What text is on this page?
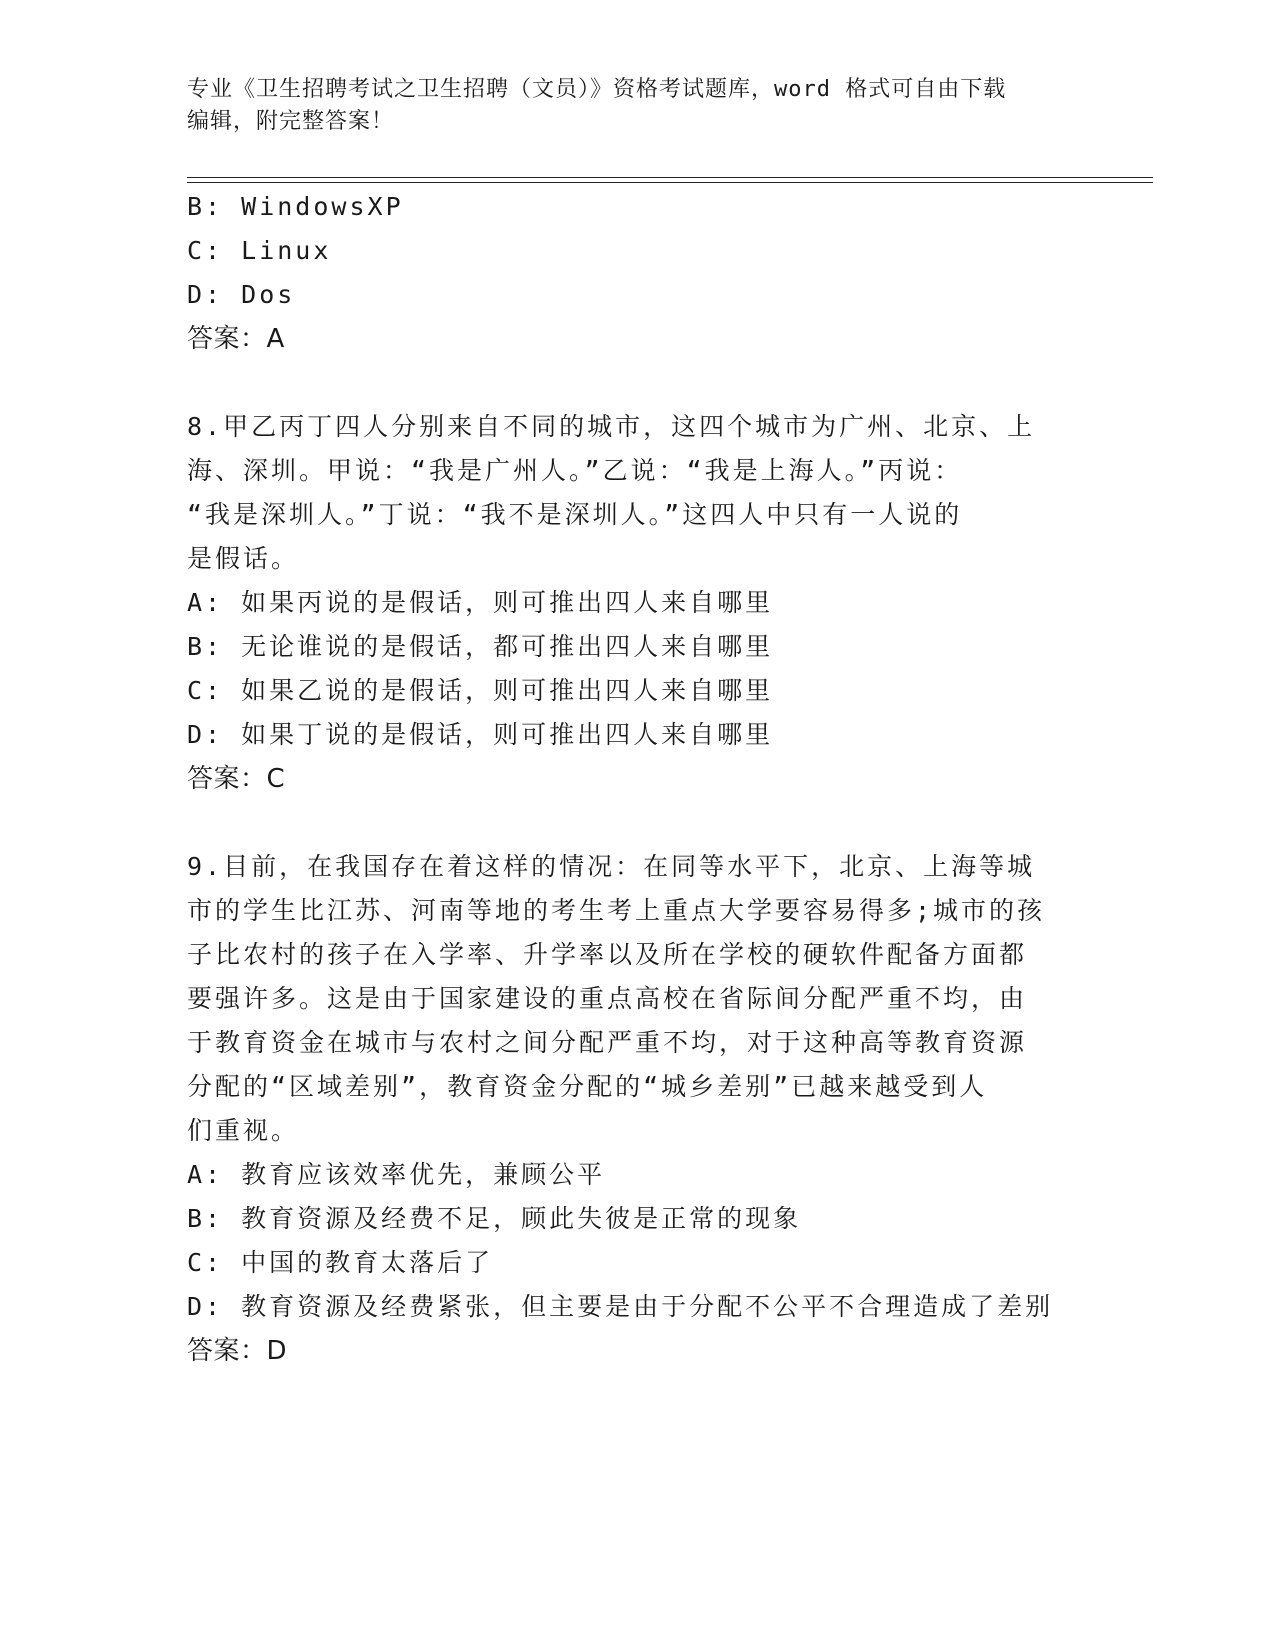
专业《卫生招聘考试之卫生招聘（文员）》资格考试题库，word 格式可自由下载
编辑，附完整答案！
B: WindowsXP
C: Linux
D: Dos
答案：A
8.甲乙丙丁四人分别来自不同的城市，这四个城市为广州、北京、上
海、深圳。甲说：“我是广州人。”乙说：“我是上海人。”丙说：
“我是深圳人。”丁说：“我不是深圳人。”这四人中只有一人说的
是假话。
A: 如果丙说的是假话，则可推出四人来自哪里
B: 无论谁说的是假话，都可推出四人来自哪里
C: 如果乙说的是假话，则可推出四人来自哪里
D: 如果丁说的是假话，则可推出四人来自哪里
答案：C
9.目前，在我国存在着这样的情况：在同等水平下，北京、上海等城
市的学生比江苏、河南等地的考生考上重点大学要容易得多;城市的孩
子比农村的孩子在入学率、升学率以及所在学校的硬软件配备方面都
要强许多。这是由于国家建设的重点高校在省际间分配严重不均，由
于教育资金在城市与农村之间分配严重不均，对于这种高等教育资源
分配的“区域差别”，教育资金分配的“城乡差别”已越来越受到人
们重视。
A: 教育应该效率优先，兼顾公平
B: 教育资源及经费不足，顾此失彼是正常的现象
C: 中国的教育太落后了
D: 教育资源及经费紧张，但主要是由于分配不公平不合理造成了差别
答案：D
